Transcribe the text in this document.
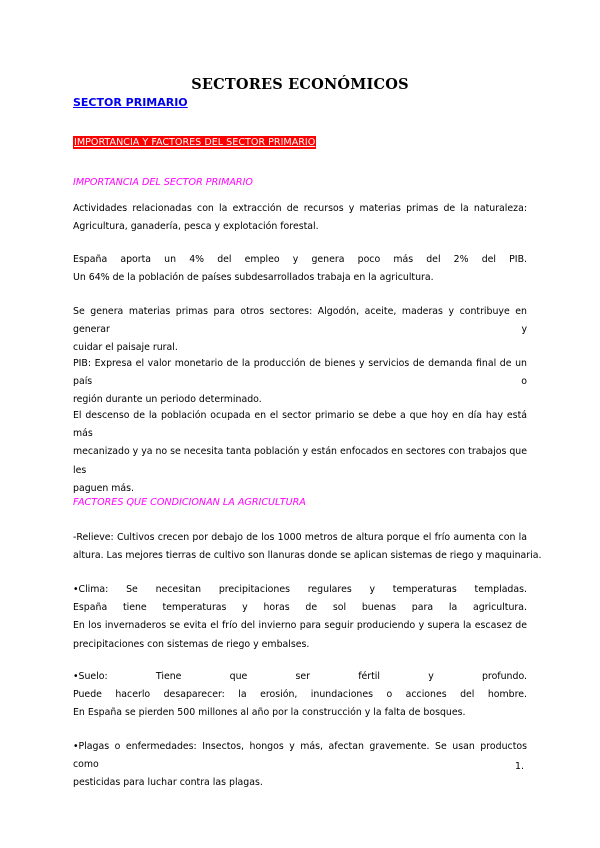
SECTORES ECONÓMICOS
SECTOR PRIMARIO
IMPORTANCIA Y FACTORES DEL SECTOR PRIMARIO
IMPORTANCIA DEL SECTOR PRIMARIO
Actividades relacionadas con la extracción de recursos y materias primas de la naturaleza:
Agricultura, ganadería, pesca y explotación forestal.
España aporta un 4% del empleo y genera poco más del 2% del PIB.
Un 64% de la población de países subdesarrollados trabaja en la agricultura.
Se genera materias primas para otros sectores: Algodón, aceite, maderas y contribuye en generar y
cuidar el paisaje rural.
PIB: Expresa el valor monetario de la producción de bienes y servicios de demanda final de un país o
región durante un periodo determinado.
El descenso de la población ocupada en el sector primario se debe a que hoy en día hay está más
mecanizado y ya no se necesita tanta población y están enfocados en sectores con trabajos que les
paguen más.
FACTORES QUE CONDICIONAN LA AGRICULTURA
-Relieve: Cultivos crecen por debajo de los 1000 metros de altura porque el frío aumenta con la
altura. Las mejores tierras de cultivo son llanuras donde se aplican sistemas de riego y maquinaria.
•Clima: Se necesitan precipitaciones regulares y temperaturas templadas.
España tiene temperaturas y horas de sol buenas para la agricultura.
En los invernaderos se evita el frío del invierno para seguir produciendo y supera la escasez de
precipitaciones con sistemas de riego y embalses.
•Suelo: Tiene que ser fértil y profundo.
Puede hacerlo desaparecer: la erosión, inundaciones o acciones del hombre.
En España se pierden 500 millones al año por la construcción y la falta de bosques.
•Plagas o enfermedades: Insectos, hongos y más, afectan gravemente. Se usan productos como
pesticidas para luchar contra las plagas.
1.
